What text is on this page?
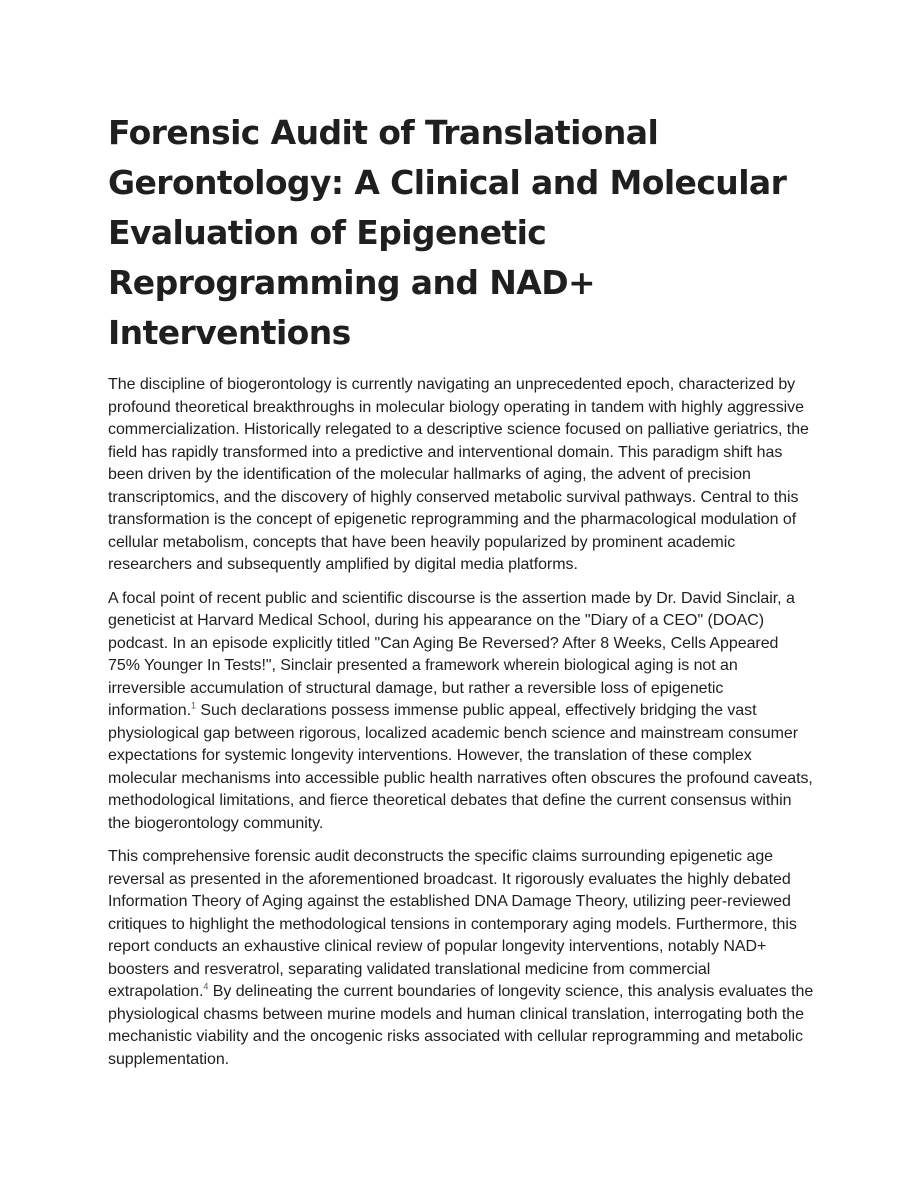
Forensic Audit of Translational Gerontology: A Clinical and Molecular Evaluation of Epigenetic Reprogramming and NAD+ Interventions

The discipline of biogerontology is currently navigating an unprecedented epoch, characterized by profound theoretical breakthroughs in molecular biology operating in tandem with highly aggressive commercialization. Historically relegated to a descriptive science focused on palliative geriatrics, the field has rapidly transformed into a predictive and interventional domain. This paradigm shift has been driven by the identification of the molecular hallmarks of aging, the advent of precision transcriptomics, and the discovery of highly conserved metabolic survival pathways. Central to this transformation is the concept of epigenetic reprogramming and the pharmacological modulation of cellular metabolism, concepts that have been heavily popularized by prominent academic researchers and subsequently amplified by digital media platforms.

A focal point of recent public and scientific discourse is the assertion made by Dr. David Sinclair, a geneticist at Harvard Medical School, during his appearance on the "Diary of a CEO" (DOAC) podcast. In an episode explicitly titled "Can Aging Be Reversed? After 8 Weeks, Cells Appeared 75% Younger In Tests!", Sinclair presented a framework wherein biological aging is not an irreversible accumulation of structural damage, but rather a reversible loss of epigenetic information.$^1$ Such declarations possess immense public appeal, effectively bridging the vast physiological gap between rigorous, localized academic bench science and mainstream consumer expectations for systemic longevity interventions. However, the translation of these complex molecular mechanisms into accessible public health narratives often obscures the profound caveats, methodological limitations, and fierce theoretical debates that define the current consensus within the biogerontology community.

This comprehensive forensic audit deconstructs the specific claims surrounding epigenetic age reversal as presented in the aforementioned broadcast. It rigorously evaluates the highly debated Information Theory of Aging against the established DNA Damage Theory, utilizing peer-reviewed critiques to highlight the methodological tensions in contemporary aging models. Furthermore, this report conducts an exhaustive clinical review of popular longevity interventions, notably NAD+ boosters and resveratrol, separating validated translational medicine from commercial extrapolation.$^4$ By delineating the current boundaries of longevity science, this analysis evaluates the physiological chasms between murine models and human clinical translation, interrogating both the mechanistic viability and the oncogenic risks associated with cellular reprogramming and metabolic supplementation.
